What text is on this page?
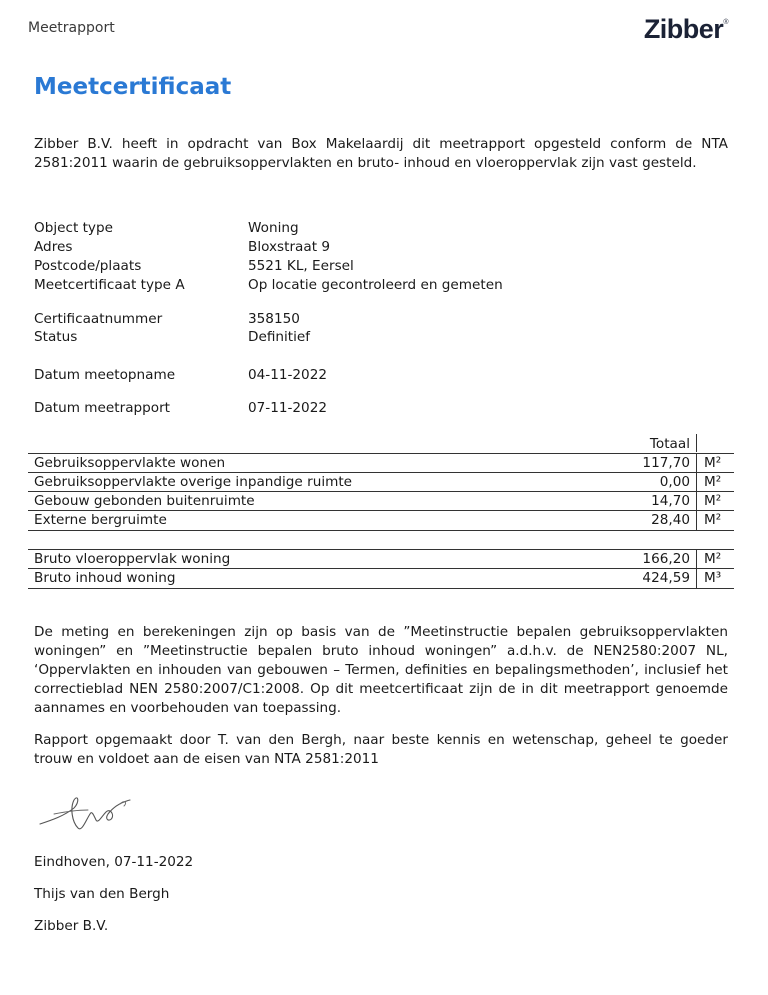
Meetrapport	Zibber®
Meetcertificaat

Zibber B.V. heeft in opdracht van Box Makelaardij dit meetrapport opgesteld conform de NTA 2581:2011 waarin de gebruiksoppervlakten en bruto- inhoud en vloeroppervlak zijn vast gesteld.

Object type	Woning
Adres	Bloxstraat 9
Postcode/plaats	5521 KL, Eersel
Meetcertificaat type A	Op locatie gecontroleerd en gemeten
Certificaatnummer	358150
Status	Definitief
Datum meetopname	04-11-2022
Datum meetrapport	07-11-2022
Totaal
Gebruiksoppervlakte wonen	117,70 M²
Gebruiksoppervlakte overige inpandige ruimte	0,00 M²
Gebouw gebonden buitenruimte	14,70 M²
Externe bergruimte	28,40 M²
Bruto vloeroppervlak woning	166,20 M²
Bruto inhoud woning	424,59 M³

De meting en berekeningen zijn op basis van de ”Meetinstructie bepalen gebruiksoppervlakten woningen” en ”Meetinstructie bepalen bruto inhoud woningen” a.d.h.v. de NEN2580:2007 NL, ‘Oppervlakten en inhouden van gebouwen – Termen, definities en bepalingsmethoden’, inclusief het correctieblad NEN 2580:2007/C1:2008. Op dit meetcertificaat zijn de in dit meetrapport genoemde aannames en voorbehouden van toepassing.

Rapport opgemaakt door T. van den Bergh, naar beste kennis en wetenschap, geheel te goeder trouw en voldoet aan de eisen van NTA 2581:2011

Eindhoven, 07-11-2022
Thijs van den Bergh
Zibber B.V.
